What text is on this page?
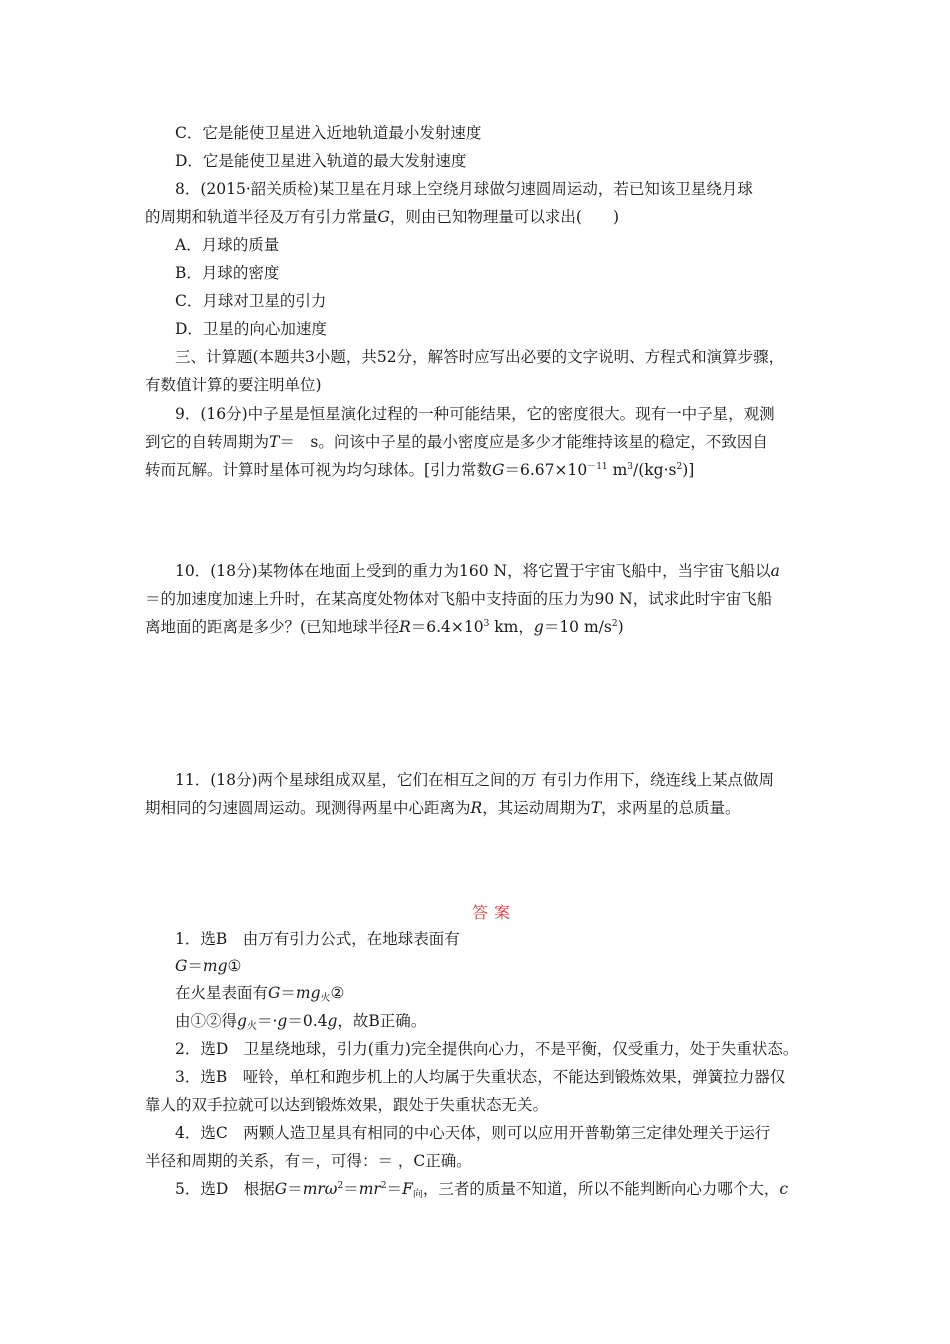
C．它是能使卫星进入近地轨道最小发射速度
D．它是能使卫星进入轨道的最大发射速度
8．(2015·韶关质检)某卫星在月球上空绕月球做匀速圆周运动，若已知该卫星绕月球
的周期和轨道半径及万有引力常量G，则由已知物理量可以求出(　　)
A．月球的质量
B．月球的密度
C．月球对卫星的引力
D．卫星的向心加速度
三、计算题(本题共3小题，共52分，解答时应写出必要的文字说明、方程式和演算步骤，
有数值计算的要注明单位)
9．(16分)中子星是恒星演化过程的一种可能结果，它的密度很大。现有一中子星，观测
到它的自转周期为T＝　s。问该中子星的最小密度应是多少才能维持该星的稳定，不致因自
转而瓦解。计算时星体可视为均匀球体。[引力常数$G=6.67\times 10^{-11}$ $m^3/(kg\cdot s^2)$]
10．(18分)某物体在地面上受到的重力为160 N，将它置于宇宙飞船中，当宇宙飞船以a
＝的加速度加速上升时，在某高度处物体对飞船中支持面的压力为90 N，试求此时宇宙飞船
离地面的距离是多少？(已知地球半径$R=6.4\times 10^3$ km，g＝10 $m/s^2$)
11．(18分)两个星球组成双星，它们在相互之间的万 有引力作用下，绕连线上某点做周
期相同的匀速圆周运动。现测得两星中心距离为R，其运动周期为T，求两星的总质量。
答案
1．选B　由万有引力公式，在地球表面有
G＝mg①
在火星表面有$G=mg_火②$
由①②得$g_火=\cdot g=0.4g$，故B正确。
2．选D　卫星绕地球，引力(重力)完全提供向心力，不是平衡，仅受重力，处于失重状态。
3．选B　哑铃，单杠和跑步机上的人均属于失重状态，不能达到锻炼效果，弹簧拉力器仅
靠人的双手拉就可以达到锻炼效果，跟处于失重状态无关。
4．选C　两颗人造卫星具有相同的中心天体，则可以应用开普勒第三定律处理关于运行
半径和周期的关系，有＝，可得：＝ ，C正确。
5．选D　根据$G=mr\omega^2=mr^2=F_向$，三者的质量不知道，所以不能判断向心力哪个大，c
